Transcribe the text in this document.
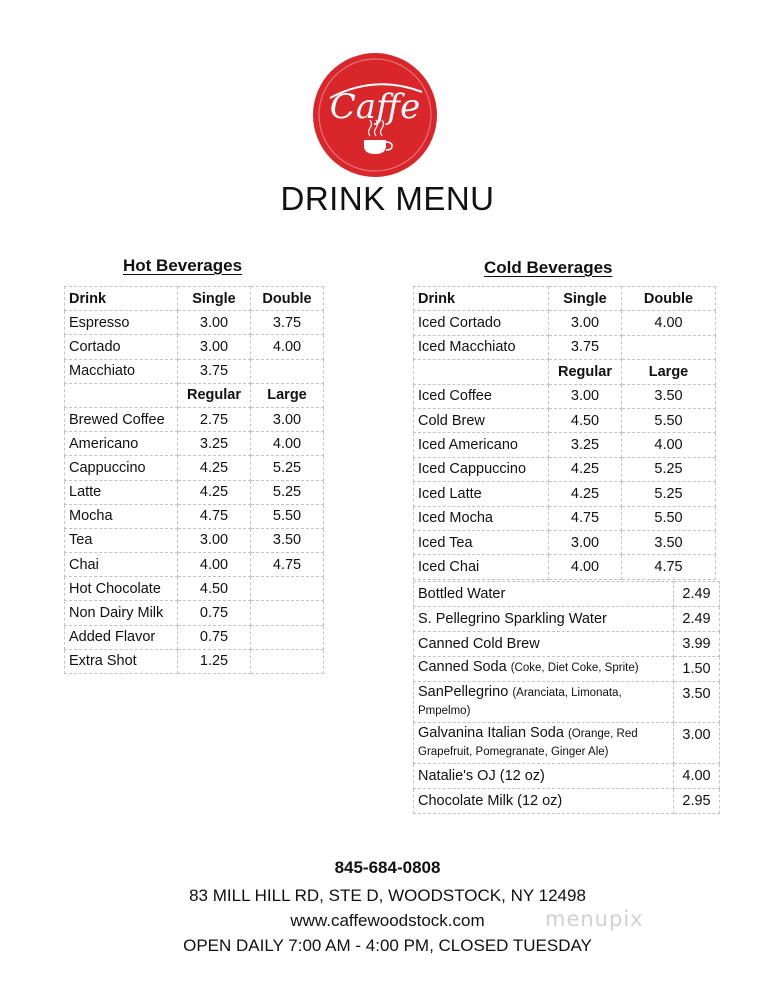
Caffe
DRINK MENU
Hot Beverages
Drink	Single	Double
Espresso	3.00	3.75
Cortado	3.00	4.00
Macchiato	3.75	
	Regular	Large
Brewed Coffee	2.75	3.00
Americano	3.25	4.00
Cappuccino	4.25	5.25
Latte	4.25	5.25
Mocha	4.75	5.50
Tea	3.00	3.50
Chai	4.00	4.75
Hot Chocolate	4.50	
Non Dairy Milk	0.75	
Added Flavor	0.75	
Extra Shot	1.25	
Cold Beverages
Drink	Single	Double
Iced Cortado	3.00	4.00
Iced Macchiato	3.75	
	Regular	Large
Iced Coffee	3.00	3.50
Cold Brew	4.50	5.50
Iced Americano	3.25	4.00
Iced Cappuccino	4.25	5.25
Iced Latte	4.25	5.25
Iced Mocha	4.75	5.50
Iced Tea	3.00	3.50
Iced Chai	4.00	4.75
Bottled Water	2.49
S. Pellegrino Sparkling Water	2.49
Canned Cold Brew	3.99
Canned Soda (Coke, Diet Coke, Sprite)	1.50
SanPellegrino (Aranciata, Limonata, Pmpelmo)	3.50
Galvanina Italian Soda (Orange, Red Grapefruit, Pomegranate, Ginger Ale)	3.00
Natalie's OJ (12 oz)	4.00
Chocolate Milk (12 oz)	2.95
845-684-0808
83 MILL HILL RD, STE D, WOODSTOCK, NY 12498
www.caffewoodstock.com
OPEN DAILY 7:00 AM - 4:00 PM, CLOSED TUESDAY
menupix
